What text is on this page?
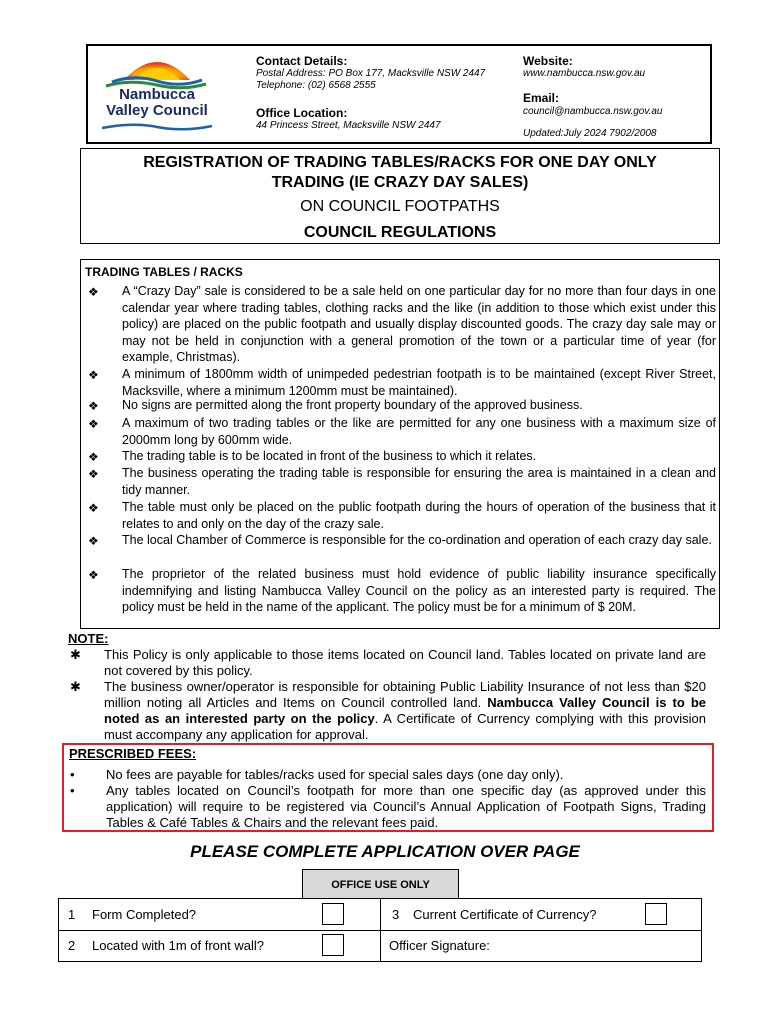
Nambucca
Valley Council
Contact Details:
Postal Address: PO Box 177, Macksville NSW 2447
Telephone: (02) 6568 2555
Office Location:
44 Princess Street, Macksville NSW 2447
Website:
www.nambucca.nsw.gov.au
Email:
council@nambucca.nsw.gov.au
Updated:July 2024 7902/2008
REGISTRATION OF TRADING TABLES/RACKS FOR ONE DAY ONLY
TRADING (IE CRAZY DAY SALES)
ON COUNCIL FOOTPATHS
COUNCIL REGULATIONS
TRADING TABLES / RACKS
❖ A “Crazy Day” sale is considered to be a sale held on one particular day for no more than four days in one calendar year where trading tables, clothing racks and the like (in addition to those which exist under this policy) are placed on the public footpath and usually display discounted goods. The crazy day sale may or may not be held in conjunction with a general promotion of the town or a particular time of year (for example, Christmas).
❖ A minimum of 1800mm width of unimpeded pedestrian footpath is to be maintained (except River Street, Macksville, where a minimum 1200mm must be maintained).
❖ No signs are permitted along the front property boundary of the approved business.
❖ A maximum of two trading tables or the like are permitted for any one business with a maximum size of 2000mm long by 600mm wide.
❖ The trading table is to be located in front of the business to which it relates.
❖ The business operating the trading table is responsible for ensuring the area is maintained in a clean and tidy manner.
❖ The table must only be placed on the public footpath during the hours of operation of the business that it relates to and only on the day of the crazy sale.
❖ The local Chamber of Commerce is responsible for the co-ordination and operation of each crazy day sale.
❖ The proprietor of the related business must hold evidence of public liability insurance specifically indemnifying and listing Nambucca Valley Council on the policy as an interested party is required. The policy must be held in the name of the applicant. The policy must be for a minimum of $ 20M.
NOTE:
✱ This Policy is only applicable to those items located on Council land. Tables located on private land are not covered by this policy.
✱ The business owner/operator is responsible for obtaining Public Liability Insurance of not less than $20 million noting all Articles and Items on Council controlled land. Nambucca Valley Council is to be noted as an interested party on the policy. A Certificate of Currency complying with this provision must accompany any application for approval.
PRESCRIBED FEES:
• No fees are payable for tables/racks used for special sales days (one day only).
• Any tables located on Council’s footpath for more than one specific day (as approved under this application) will require to be registered via Council’s Annual Application of Footpath Signs, Trading Tables & Café Tables & Chairs and the relevant fees paid.
PLEASE COMPLETE APPLICATION OVER PAGE
OFFICE USE ONLY
1 Form Completed?	3 Current Certificate of Currency?
2 Located with 1m of front wall?	Officer Signature:
